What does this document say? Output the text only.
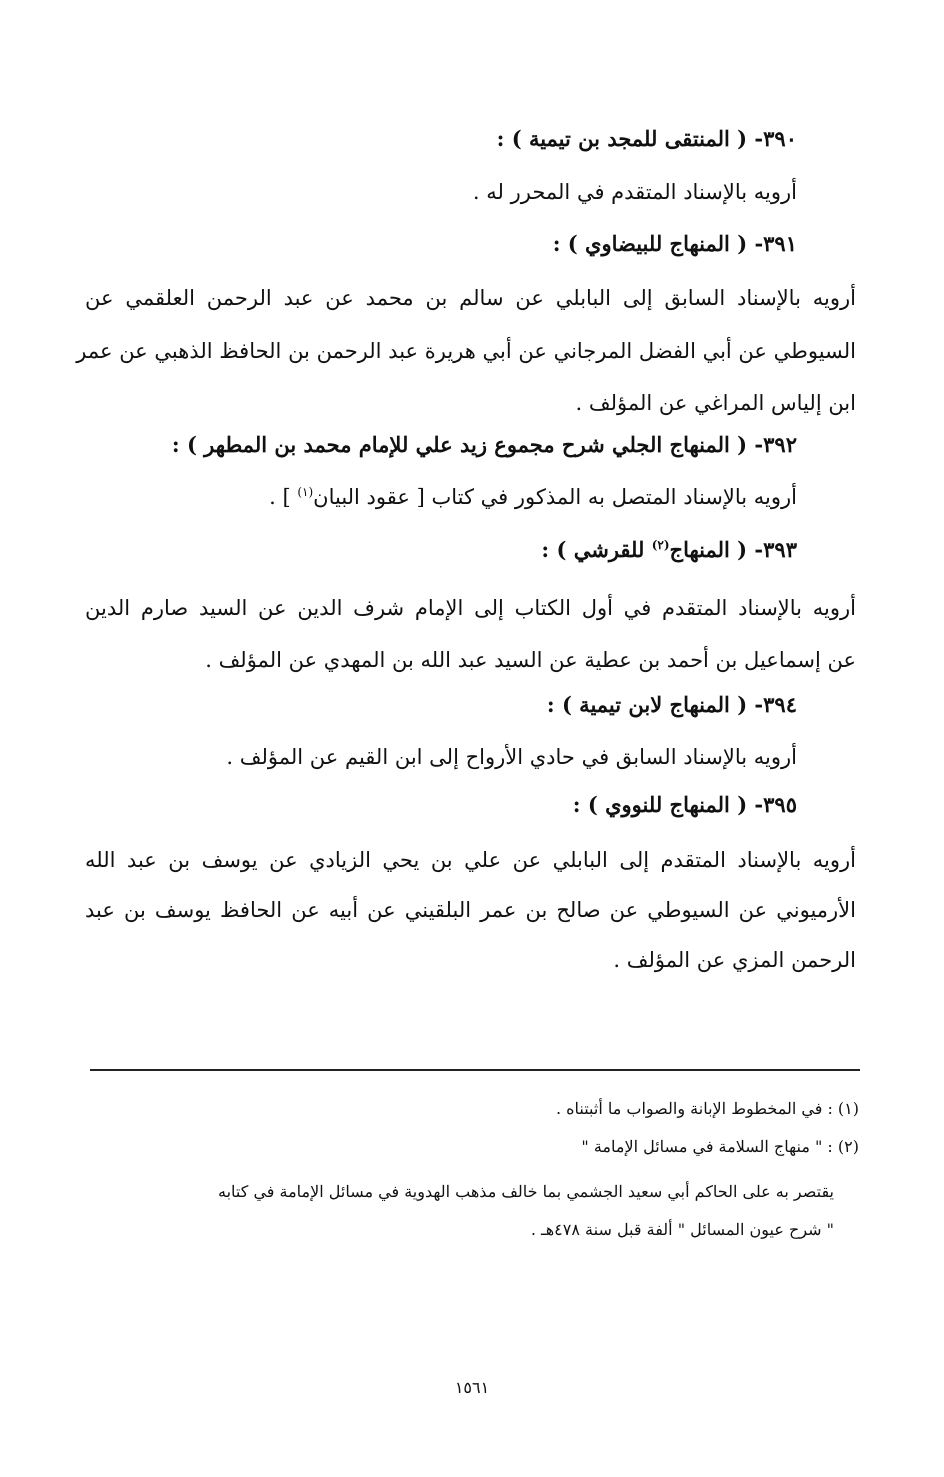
٣٩٠- ( المنتقى للمجد بن تيمية ) :
أرويه بالإسناد المتقدم في المحرر له .
٣٩١- ( المنهاج للبيضاوي ) :
أرويه بالإسناد السابق إلى البابلي عن سالم بن محمد عن عبد الرحمن العلقمي عن
السيوطي عن أبي الفضل المرجاني عن أبي هريرة عبد الرحمن بن الحافظ الذهبي عن عمر
ابن إلياس المراغي عن المؤلف .
٣٩٢- ( المنهاج الجلي شرح مجموع زيد علي للإمام محمد بن المطهر ) :
أرويه بالإسناد المتصل به المذكور في كتاب [ عقود البيان$^{(١)}$ ] .
٣٩٣- ( المنهاج$^{(٢)}$ للقرشي ) :
أرويه بالإسناد المتقدم في أول الكتاب إلى الإمام شرف الدين عن السيد صارم الدين
عن إسماعيل بن أحمد بن عطية عن السيد عبد الله بن المهدي عن المؤلف .
٣٩٤- ( المنهاج لابن تيمية ) :
أرويه بالإسناد السابق في حادي الأرواح إلى ابن القيم عن المؤلف .
٣٩٥- ( المنهاج للنووي ) :
أرويه بالإسناد المتقدم إلى البابلي عن علي بن يحي الزيادي عن يوسف بن عبد الله
الأرميوني عن السيوطي عن صالح بن عمر البلقيني عن أبيه عن الحافظ يوسف بن عبد
الرحمن المزي عن المؤلف .
(١) : في المخطوط الإبانة والصواب ما أثبتناه .
(٢) : " منهاج السلامة في مسائل الإمامة "
يقتصر به على الحاكم أبي سعيد الجشمي بما خالف مذهب الهدوية في مسائل الإمامة في كتابه
" شرح عيون المسائل " ألفة قبل سنة ٤٧٨هـ .
١٥٦١
